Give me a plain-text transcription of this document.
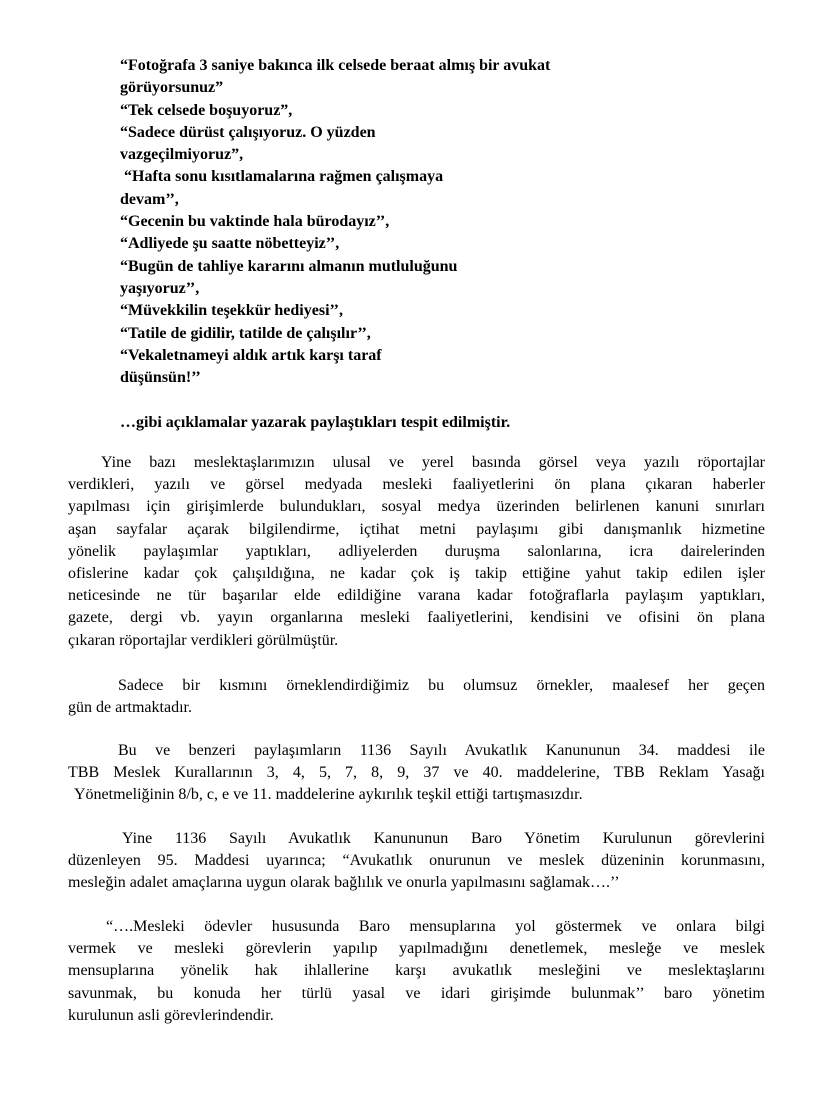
“Fotoğrafa 3 saniye bakınca ilk celsede beraat almış bir avukat
görüyorsunuz”
“Tek celsede boşuyoruz”,
“Sadece dürüst çalışıyoruz. O yüzden
vazgeçilmiyoruz”,
“Hafta sonu kısıtlamalarına rağmen çalışmaya
devam’’,
“Gecenin bu vaktinde hala bürodayız’’,
“Adliyede şu saatte nöbetteyiz’’,
“Bugün de tahliye kararını almanın mutluluğunu
yaşıyoruz’’,
“Müvekkilin teşekkür hediyesi’’,
“Tatile de gidilir, tatilde de çalışılır’’,
“Vekaletnameyi aldık artık karşı taraf
düşünsün!’’
…gibi açıklamalar yazarak paylaştıkları tespit edilmiştir.
Yine bazı meslektaşlarımızın ulusal ve yerel basında görsel veya yazılı röportajlar
verdikleri, yazılı ve görsel medyada mesleki faaliyetlerini ön plana çıkaran haberler
yapılması için girişimlerde bulundukları, sosyal medya üzerinden belirlenen kanuni sınırları
aşan sayfalar açarak bilgilendirme, içtihat metni paylaşımı gibi danışmanlık hizmetine
yönelik paylaşımlar yaptıkları, adliyelerden duruşma salonlarına, icra dairelerinden
ofislerine kadar çok çalışıldığına, ne kadar çok iş takip ettiğine yahut takip edilen işler
neticesinde ne tür başarılar elde edildiğine varana kadar fotoğraflarla paylaşım yaptıkları,
gazete, dergi vb. yayın organlarına mesleki faaliyetlerini, kendisini ve ofisini ön plana
çıkaran röportajlar verdikleri görülmüştür.
Sadece bir kısmını örneklendirdiğimiz bu olumsuz örnekler, maalesef her geçen
gün de artmaktadır.
Bu ve benzeri paylaşımların 1136 Sayılı Avukatlık Kanununun 34. maddesi ile
TBB Meslek Kurallarının 3, 4, 5, 7, 8, 9, 37 ve 40. maddelerine, TBB Reklam Yasağı
Yönetmeliğinin 8/b, c, e ve 11. maddelerine aykırılık teşkil ettiği tartışmasızdır.
Yine 1136 Sayılı Avukatlık Kanununun Baro Yönetim Kurulunun görevlerini
düzenleyen 95. Maddesi uyarınca; “Avukatlık onurunun ve meslek düzeninin korunmasını,
mesleğin adalet amaçlarına uygun olarak bağlılık ve onurla yapılmasını sağlamak….’’
“….Mesleki ödevler hususunda Baro mensuplarına yol göstermek ve onlara bilgi
vermek ve mesleki görevlerin yapılıp yapılmadığını denetlemek, mesleğe ve meslek
mensuplarına yönelik hak ihlallerine karşı avukatlık mesleğini ve meslektaşlarını
savunmak, bu konuda her türlü yasal ve idari girişimde bulunmak’’ baro yönetim
kurulunun asli görevlerindendir.
